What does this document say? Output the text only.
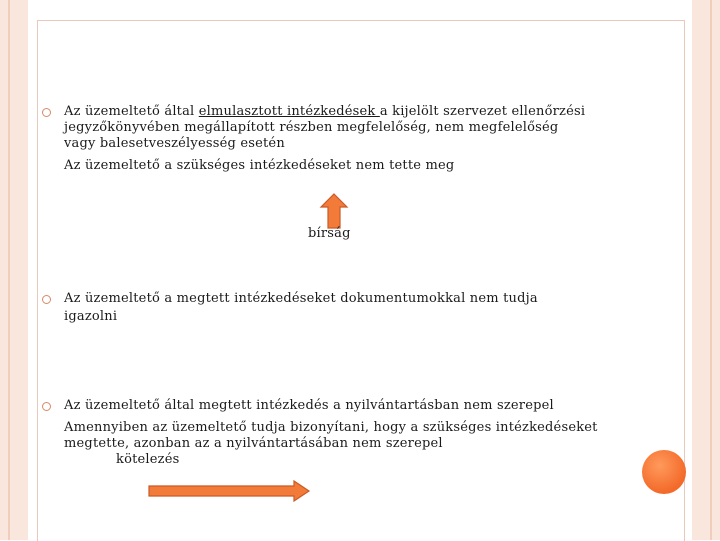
Az üzemeltető által elmulasztott intézkedések a kijelölt szervezet ellenőrzési
jegyzőkönyvében megállapított részben megfelelőség, nem megfelelőség
vagy balesetveszélyesség esetén
Az üzemeltető a szükséges intézkedéseket nem tette meg
bírság
Az üzemeltető a megtett intézkedéseket dokumentumokkal nem tudja
igazolni
Az üzemeltető által megtett intézkedés a nyilvántartásban nem szerepel
Amennyiben az üzemeltető tudja bizonyítani, hogy a szükséges intézkedéseket
megtette, azonban az a nyilvántartásában nem szerepel
kötelezés
